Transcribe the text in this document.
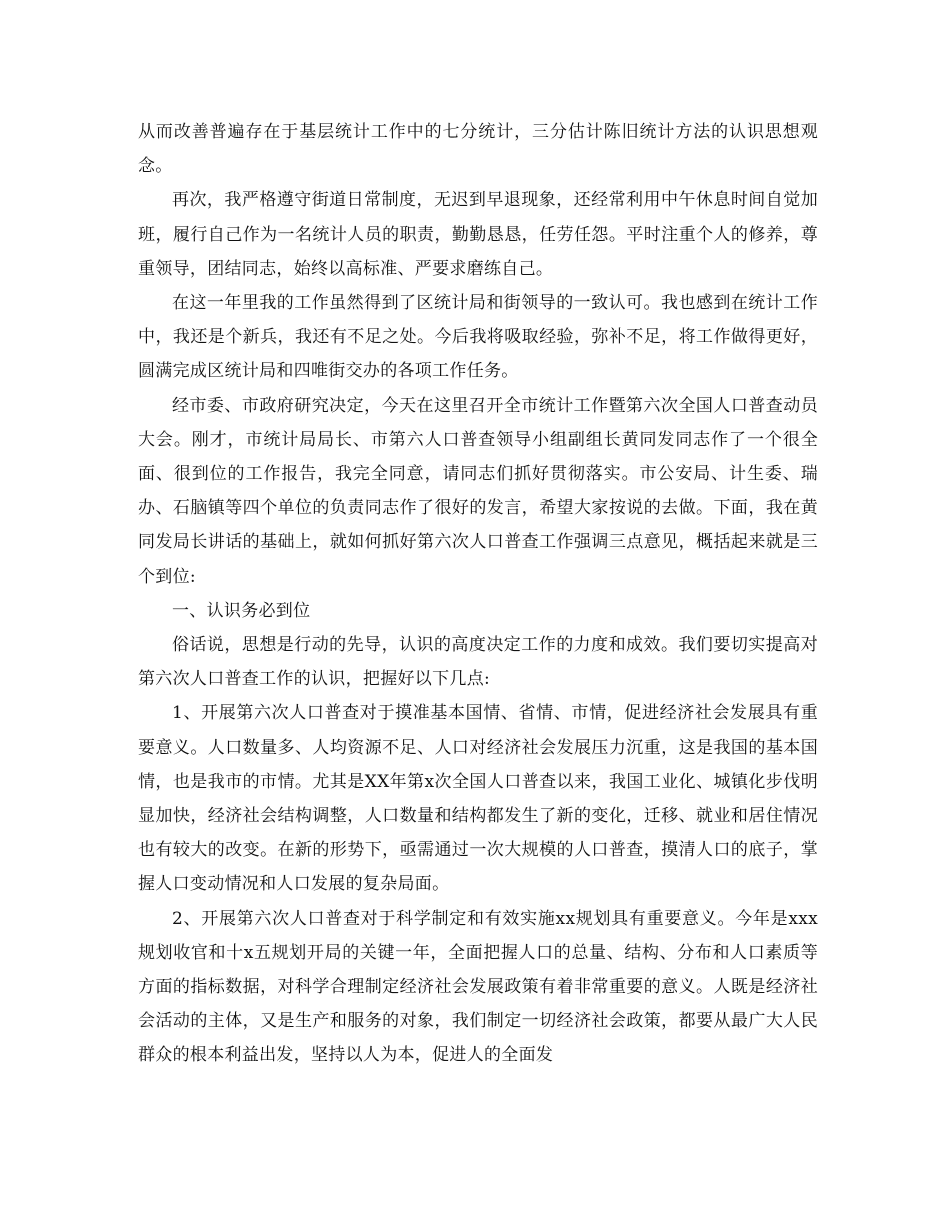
从而改善普遍存在于基层统计工作中的七分统计，三分估计陈旧统计方法的认识思想观念。

再次，我严格遵守街道日常制度，无迟到早退现象，还经常利用中午休息时间自觉加班，履行自己作为一名统计人员的职责，勤勤恳恳，任劳任怨。平时注重个人的修养，尊重领导，团结同志，始终以高标准、严要求磨练自己。

在这一年里我的工作虽然得到了区统计局和街领导的一致认可。我也感到在统计工作中，我还是个新兵，我还有不足之处。今后我将吸取经验，弥补不足，将工作做得更好，圆满完成区统计局和四唯街交办的各项工作任务。

经市委、市政府研究决定，今天在这里召开全市统计工作暨第六次全国人口普查动员大会。刚才，市统计局局长、市第六人口普查领导小组副组长黄同发同志作了一个很全面、很到位的工作报告，我完全同意，请同志们抓好贯彻落实。市公安局、计生委、瑞办、石脑镇等四个单位的负责同志作了很好的发言，希望大家按说的去做。下面，我在黄同发局长讲话的基础上，就如何抓好第六次人口普查工作强调三点意见，概括起来就是三个到位:

一、认识务必到位

俗话说，思想是行动的先导，认识的高度决定工作的力度和成效。我们要切实提高对第六次人口普查工作的认识，把握好以下几点:

1、开展第六次人口普查对于摸准基本国情、省情、市情，促进经济社会发展具有重要意义。人口数量多、人均资源不足、人口对经济社会发展压力沉重，这是我国的基本国情，也是我市的市情。尤其是XX年第x次全国人口普查以来，我国工业化、城镇化步伐明显加快，经济社会结构调整，人口数量和结构都发生了新的变化，迁移、就业和居住情况也有较大的改变。在新的形势下，亟需通过一次大规模的人口普查，摸清人口的底子，掌握人口变动情况和人口发展的复杂局面。

2、开展第六次人口普查对于科学制定和有效实施xx规划具有重要意义。今年是xxx规划收官和十x五规划开局的关键一年，全面把握人口的总量、结构、分布和人口素质等方面的指标数据，对科学合理制定经济社会发展政策有着非常重要的意义。人既是经济社会活动的主体，又是生产和服务的对象，我们制定一切经济社会政策，都要从最广大人民群众的根本利益出发，坚持以人为本，促进人的全面发
